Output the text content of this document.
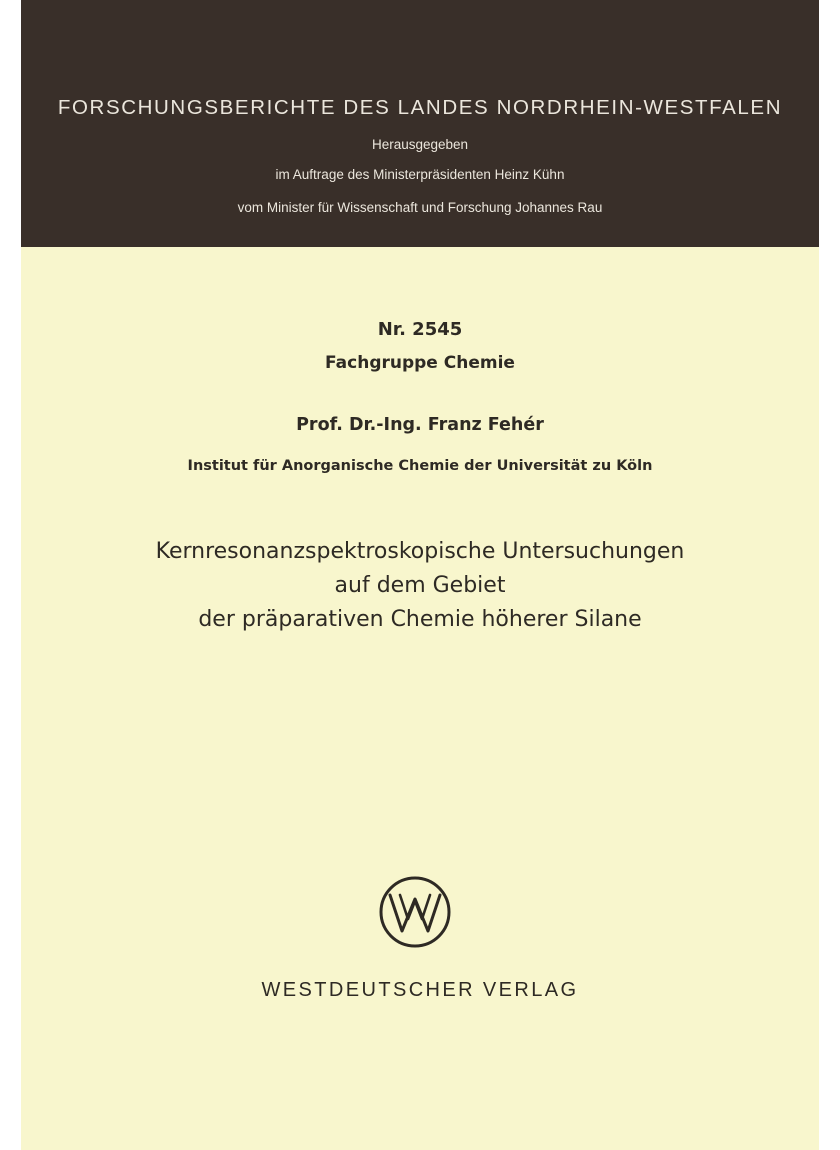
FORSCHUNGSBERICHTE DES LANDES NORDRHEIN-WESTFALEN
Herausgegeben
im Auftrage des Ministerpräsidenten Heinz Kühn
vom Minister für Wissenschaft und Forschung Johannes Rau
Nr. 2545
Fachgruppe Chemie
Prof. Dr.-Ing. Franz Fehér
Institut für Anorganische Chemie der Universität zu Köln
Kernresonanzspektroskopische Untersuchungen
auf dem Gebiet
der präparativen Chemie höherer Silane
WESTDEUTSCHER VERLAG
